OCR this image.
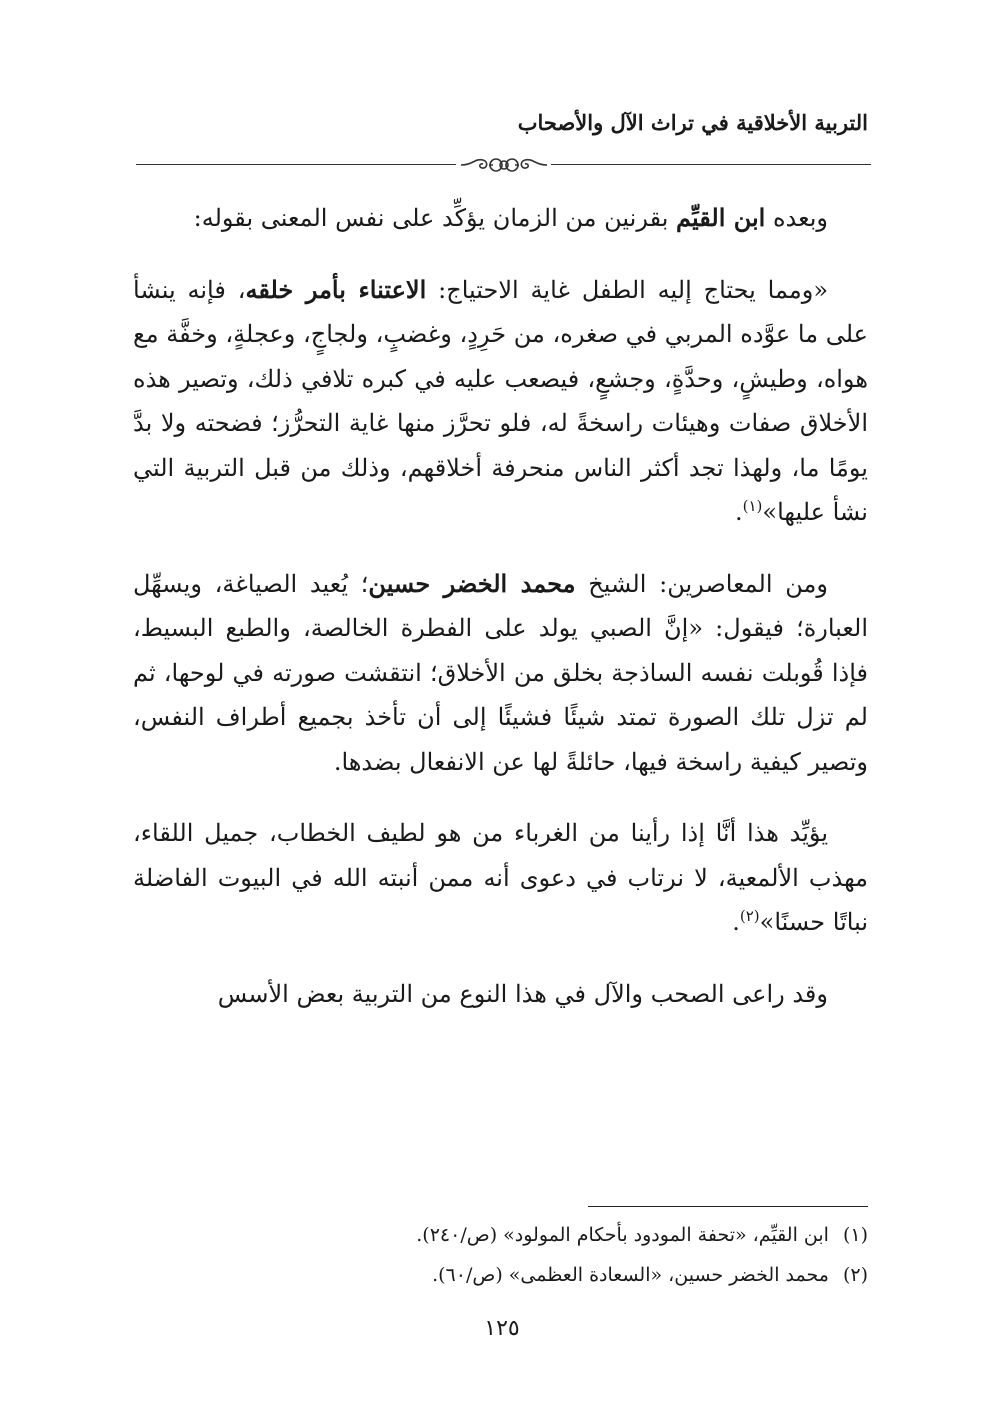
التربية الأخلاقية في تراث الآل والأصحاب

وبعده ابن القيِّم بقرنين من الزمان يؤكِّد على نفس المعنى بقوله:

«ومما يحتاج إليه الطفل غاية الاحتياج: الاعتناء بأمر خلقه، فإنه ينشأ على ما عوَّده المربي في صغره، من حَرِدٍ، وغضبٍ، ولجاجٍ، وعجلةٍ، وخفَّة مع هواه، وطيشٍ، وحدَّةٍ، وجشعٍ، فيصعب عليه في كبره تلافي ذلك، وتصير هذه الأخلاق صفات وهيئات راسخةً له، فلو تحرَّز منها غاية التحرُّز؛ فضحته ولا بدَّ يومًا ما، ولهذا تجد أكثر الناس منحرفة أخلاقهم، وذلك من قبل التربية التي نشأ عليها»$^{(١)}$.

ومن المعاصرين: الشيخ محمد الخضر حسين؛ يُعيد الصياغة، ويسهِّل العبارة؛ فيقول: «إنَّ الصبي يولد على الفطرة الخالصة، والطبع البسيط، فإذا قُوبلت نفسه الساذجة بخلق من الأخلاق؛ انتقشت صورته في لوحها، ثم لم تزل تلك الصورة تمتد شيئًا فشيئًا إلى أن تأخذ بجميع أطراف النفس، وتصير كيفية راسخة فيها، حائلةً لها عن الانفعال بضدها.

يؤيِّد هذا أنَّا إذا رأينا من الغرباء من هو لطيف الخطاب، جميل اللقاء، مهذب الألمعية، لا نرتاب في دعوى أنه ممن أنبته الله في البيوت الفاضلة نباتًا حسنًا»$^{(٢)}$.

وقد راعى الصحب والآل في هذا النوع من التربية بعض الأسس

(١)ابن القيِّم، «تحفة المودود بأحكام المولود» (ص/٢٤٠).
(٢)محمد الخضر حسين، «السعادة العظمى» (ص/٦٠).
١٢٥
